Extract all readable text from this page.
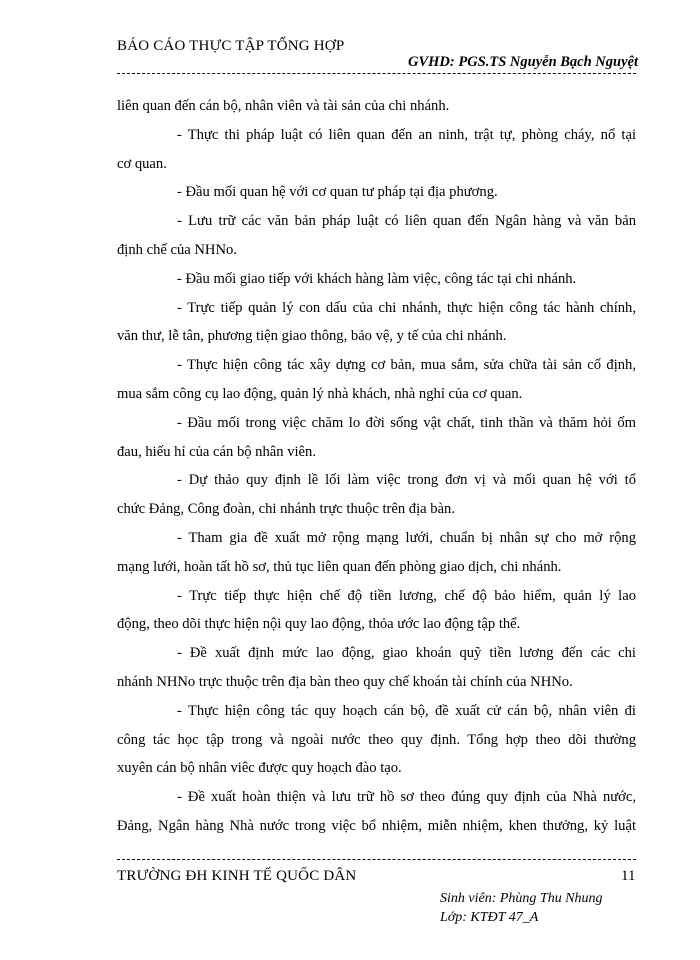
BÁO CÁO THỰC TẬP TỔNG HỢP
GVHD: PGS.TS Nguyễn Bạch Nguyệt
liên quan đến cán bộ, nhân viên và tài sản của chi nhánh.
- Thực thi pháp luật có liên quan đến an ninh, trật tự, phòng cháy, nổ tại
cơ quan.
- Đầu mối quan hệ với cơ quan tư pháp tại địa phương.
- Lưu trữ các văn bản pháp luật có liên quan đến Ngân hàng và văn bản
định chế của NHNo.
- Đầu mối giao tiếp với khách hàng làm việc, công tác tại chi nhánh.
- Trực tiếp quản lý con dấu của chi nhánh, thực hiện công tác hành chính,
văn thư, lễ tân, phương tiện giao thông, bảo vệ, y tế của chi nhánh.
- Thực hiện công tác xây dựng cơ bản, mua sắm, sửa chữa tài sản cố định,
mua sắm công cụ lao động, quản lý nhà khách, nhà nghỉ của cơ quan.
- Đầu mối trong việc chăm lo đời sống vật chất, tinh thần và thăm hỏi ốm
đau, hiếu hỉ của cán bộ nhân viên.
- Dự thảo quy định lề lối làm việc trong đơn vị và mối quan hệ với tổ
chức Đảng, Công đoàn, chi nhánh trực thuộc trên địa bàn.
- Tham gia đề xuất mở rộng mạng lưới, chuẩn bị nhân sự cho mở rộng
mạng lưới, hoàn tất hồ sơ, thủ tục liên quan đến phòng giao dịch, chi nhánh.
- Trực tiếp thực hiện chế độ tiền lương, chế độ bảo hiểm, quản lý lao
động, theo dõi thực hiện nội quy lao động, thỏa ước lao động tập thể.
- Đề xuất định mức lao động, giao khoán quỹ tiền lương đến các chi
nhánh NHNo trực thuộc trên địa bàn theo quy chế khoán tài chính của NHNo.
- Thực hiện công tác quy hoạch cán bộ, đề xuất cử cán bộ, nhân viên đi
công tác học tập trong và ngoài nước theo quy định. Tổng hợp theo dõi thường
xuyên cán bộ nhân viêc được quy hoạch đào tạo.
- Đề xuất hoàn thiện và lưu trữ hồ sơ theo đúng quy định của Nhà nước,
Đảng, Ngân hàng Nhà nước trong việc bổ nhiệm, miễn nhiệm, khen thưởng, kỷ luật
TRƯỜNG ĐH KINH TẾ QUỐC DÂN	11
Sinh viên: Phùng Thu Nhung
Lớp: KTĐT 47_A
